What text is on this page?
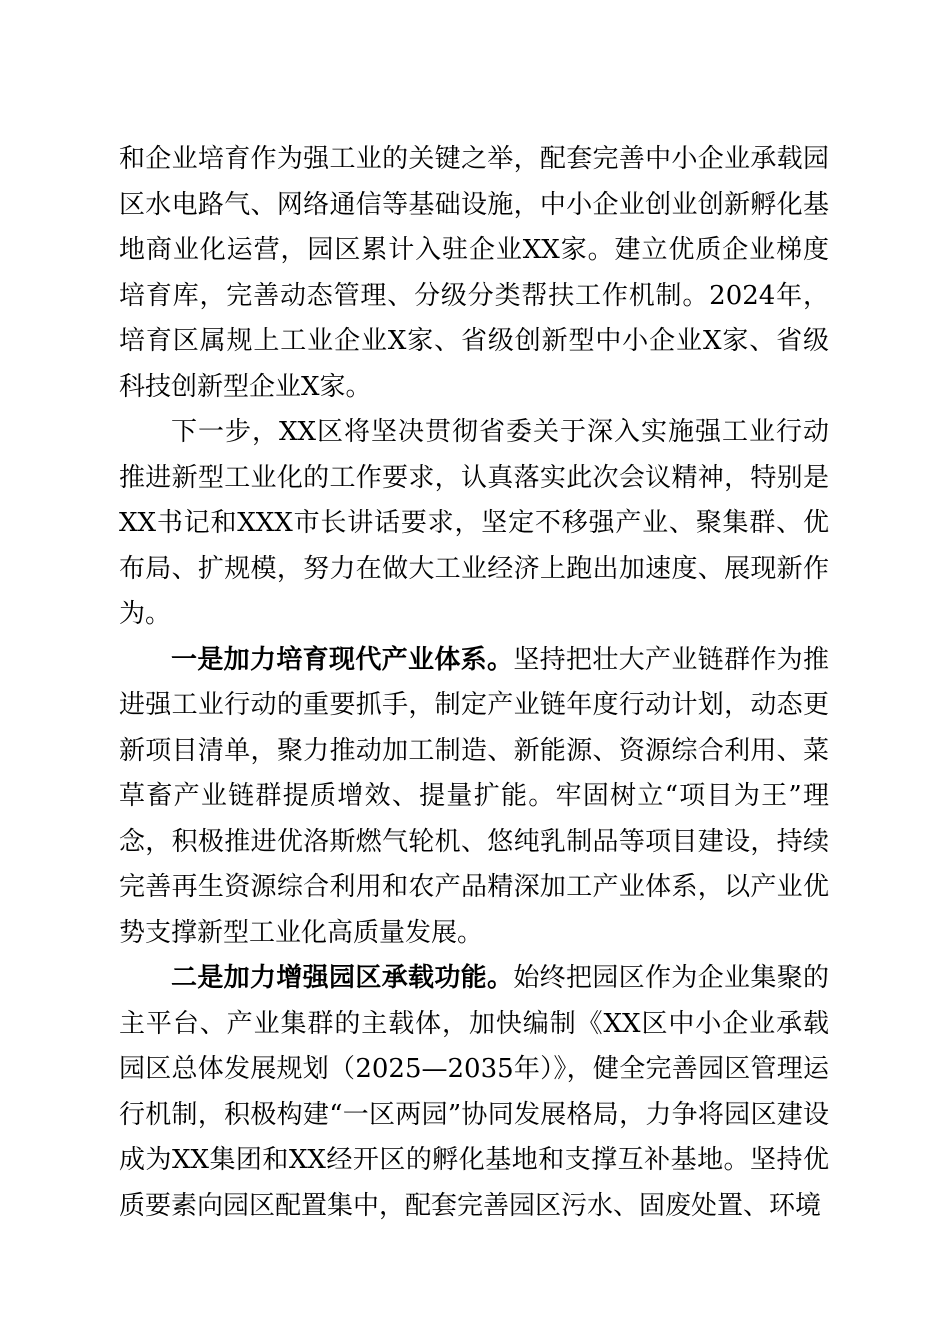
和企业培育作为强工业的关键之举，配套完善中小企业承载园区水电路气、网络通信等基础设施，中小企业创业创新孵化基地商业化运营，园区累计入驻企业XX家。建立优质企业梯度培育库，完善动态管理、分级分类帮扶工作机制。2024年，培育区属规上工业企业X家、省级创新型中小企业X家、省级科技创新型企业X家。

下一步，XX区将坚决贯彻省委关于深入实施强工业行动推进新型工业化的工作要求，认真落实此次会议精神，特别是XX书记和XXX市长讲话要求，坚定不移强产业、聚集群、优布局、扩规模，努力在做大工业经济上跑出加速度、展现新作为。

一是加力培育现代产业体系。坚持把壮大产业链群作为推进强工业行动的重要抓手，制定产业链年度行动计划，动态更新项目清单，聚力推动加工制造、新能源、资源综合利用、菜草畜产业链群提质增效、提量扩能。牢固树立“项目为王”理念，积极推进优洛斯燃气轮机、悠纯乳制品等项目建设，持续完善再生资源综合利用和农产品精深加工产业体系，以产业优势支撑新型工业化高质量发展。

二是加力增强园区承载功能。始终把园区作为企业集聚的主平台、产业集群的主载体，加快编制《XX区中小企业承载园区总体发展规划（2025—2035年）》，健全完善园区管理运行机制，积极构建“一区两园”协同发展格局，力争将园区建设成为XX集团和XX经开区的孵化基地和支撑互补基地。坚持优质要素向园区配置集中，配套完善园区污水、固废处置、环境
